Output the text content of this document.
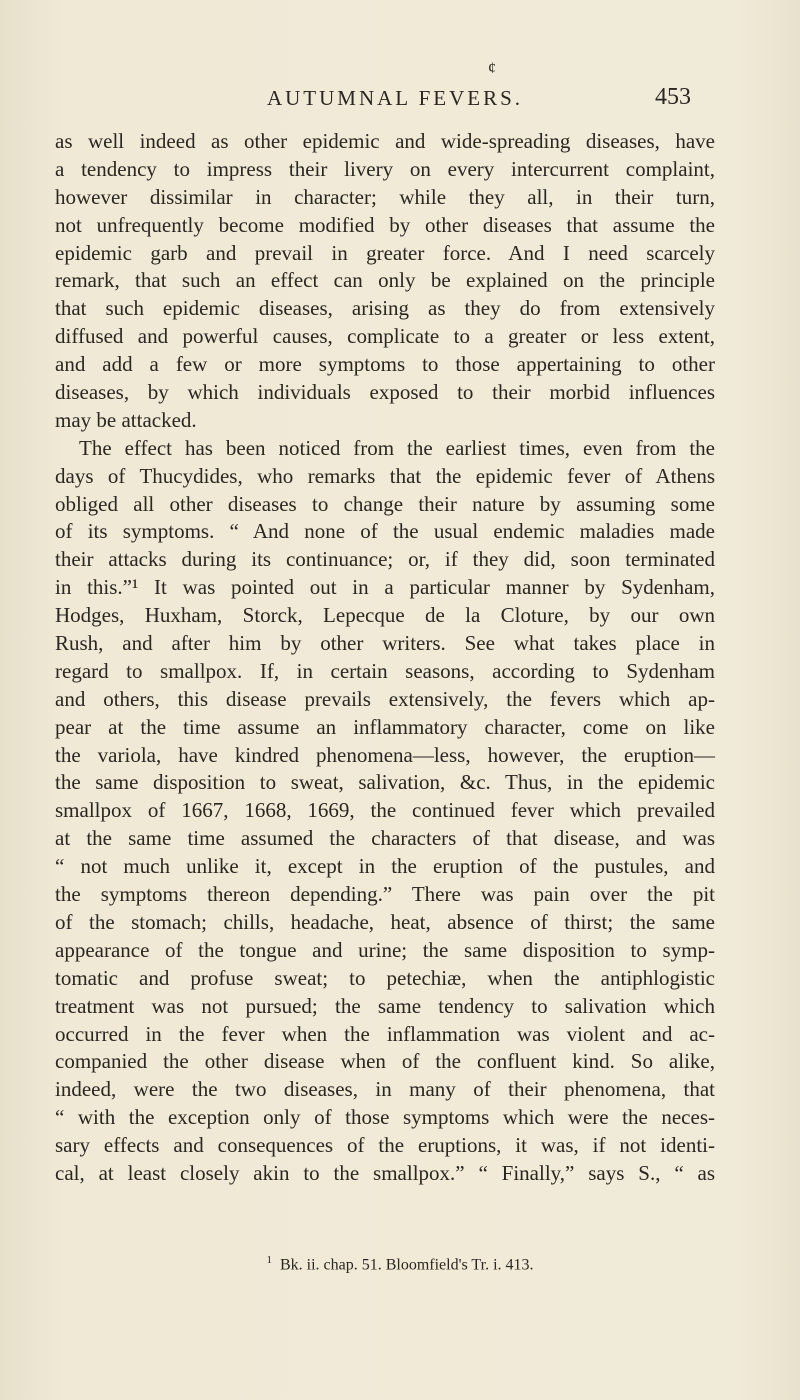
¢
AUTUMNAL FEVERS.	453
as well indeed as other epidemic and wide-spreading diseases, have
a tendency to impress their livery on every intercurrent complaint,
however dissimilar in character; while they all, in their turn,
not unfrequently become modified by other diseases that assume the
epidemic garb and prevail in greater force. And I need scarcely
remark, that such an effect can only be explained on the principle
that such epidemic diseases, arising as they do from extensively
diffused and powerful causes, complicate to a greater or less extent,
and add a few or more symptoms to those appertaining to other
diseases, by which individuals exposed to their morbid influences
may be attacked.
The effect has been noticed from the earliest times, even from the
days of Thucydides, who remarks that the epidemic fever of Athens
obliged all other diseases to change their nature by assuming some
of its symptoms. “ And none of the usual endemic maladies made
their attacks during its continuance; or, if they did, soon terminated
in this.”¹ It was pointed out in a particular manner by Sydenham,
Hodges, Huxham, Storck, Lepecque de la Cloture, by our own
Rush, and after him by other writers. See what takes place in
regard to smallpox. If, in certain seasons, according to Sydenham
and others, this disease prevails extensively, the fevers which ap-
pear at the time assume an inflammatory character, come on like
the variola, have kindred phenomena—less, however, the eruption—
the same disposition to sweat, salivation, &c. Thus, in the epidemic
smallpox of 1667, 1668, 1669, the continued fever which prevailed
at the same time assumed the characters of that disease, and was
“ not much unlike it, except in the eruption of the pustules, and
the symptoms thereon depending.” There was pain over the pit
of the stomach; chills, headache, heat, absence of thirst; the same
appearance of the tongue and urine; the same disposition to symp-
tomatic and profuse sweat; to petechiæ, when the antiphlogistic
treatment was not pursued; the same tendency to salivation which
occurred in the fever when the inflammation was violent and ac-
companied the other disease when of the confluent kind. So alike,
indeed, were the two diseases, in many of their phenomena, that
“ with the exception only of those symptoms which were the neces-
sary effects and consequences of the eruptions, it was, if not identi-
cal, at least closely akin to the smallpox.” “ Finally,” says S., “ as
$^1$ Bk. ii. chap. 51. Bloomfield's Tr. i. 413.
